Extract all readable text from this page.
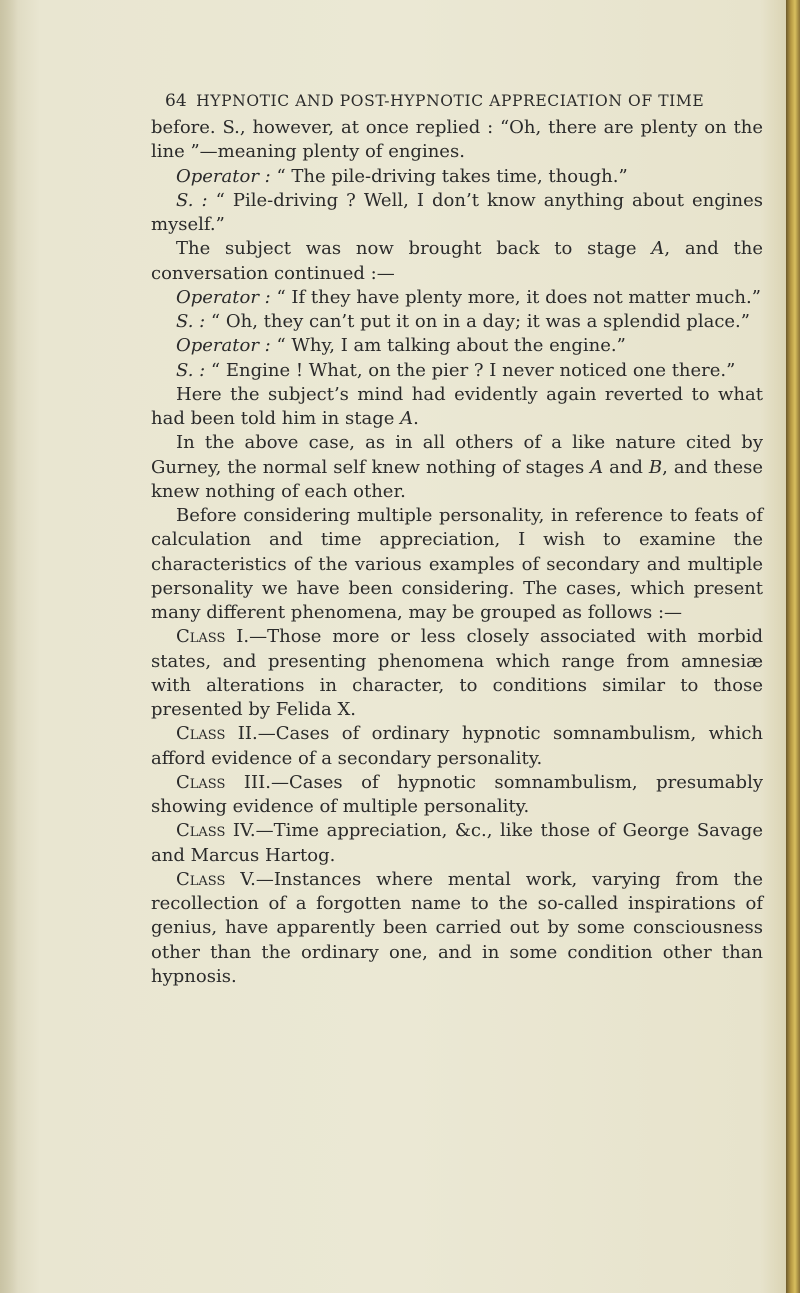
64 HYPNOTIC AND POST-HYPNOTIC APPRECIATION OF TIME

before. S., however, at once replied : “Oh, there are plenty on the line ”—meaning plenty of engines.

Operator : “ The pile-driving takes time, though.”

S. : “ Pile-driving ? Well, I don’t know anything about engines myself.”

The subject was now brought back to stage A, and the conversation continued :—

Operator : “ If they have plenty more, it does not matter much.”

S. : “ Oh, they can’t put it on in a day; it was a splendid place.”

Operator : “ Why, I am talking about the engine.”

S. : “ Engine ! What, on the pier ? I never noticed one there.”

Here the subject’s mind had evidently again reverted to what had been told him in stage A.

In the above case, as in all others of a like nature cited by Gurney, the normal self knew nothing of stages A and B, and these knew nothing of each other.

Before considering multiple personality, in reference to feats of calculation and time appreciation, I wish to examine the characteristics of the various examples of secondary and multiple personality we have been considering. The cases, which present many different phenomena, may be grouped as follows :—

Class I.—Those more or less closely associated with morbid states, and presenting phenomena which range from amnesiæ with alterations in character, to conditions similar to those presented by Felida X.

Class II.—Cases of ordinary hypnotic somnambulism, which afford evidence of a secondary personality.

Class III.—Cases of hypnotic somnambulism, presumably showing evidence of multiple personality.

Class IV.—Time appreciation, &c., like those of George Savage and Marcus Hartog.

Class V.—Instances where mental work, varying from the recollection of a forgotten name to the so-called inspirations of genius, have apparently been carried out by some consciousness other than the ordinary one, and in some condition other than hypnosis.
